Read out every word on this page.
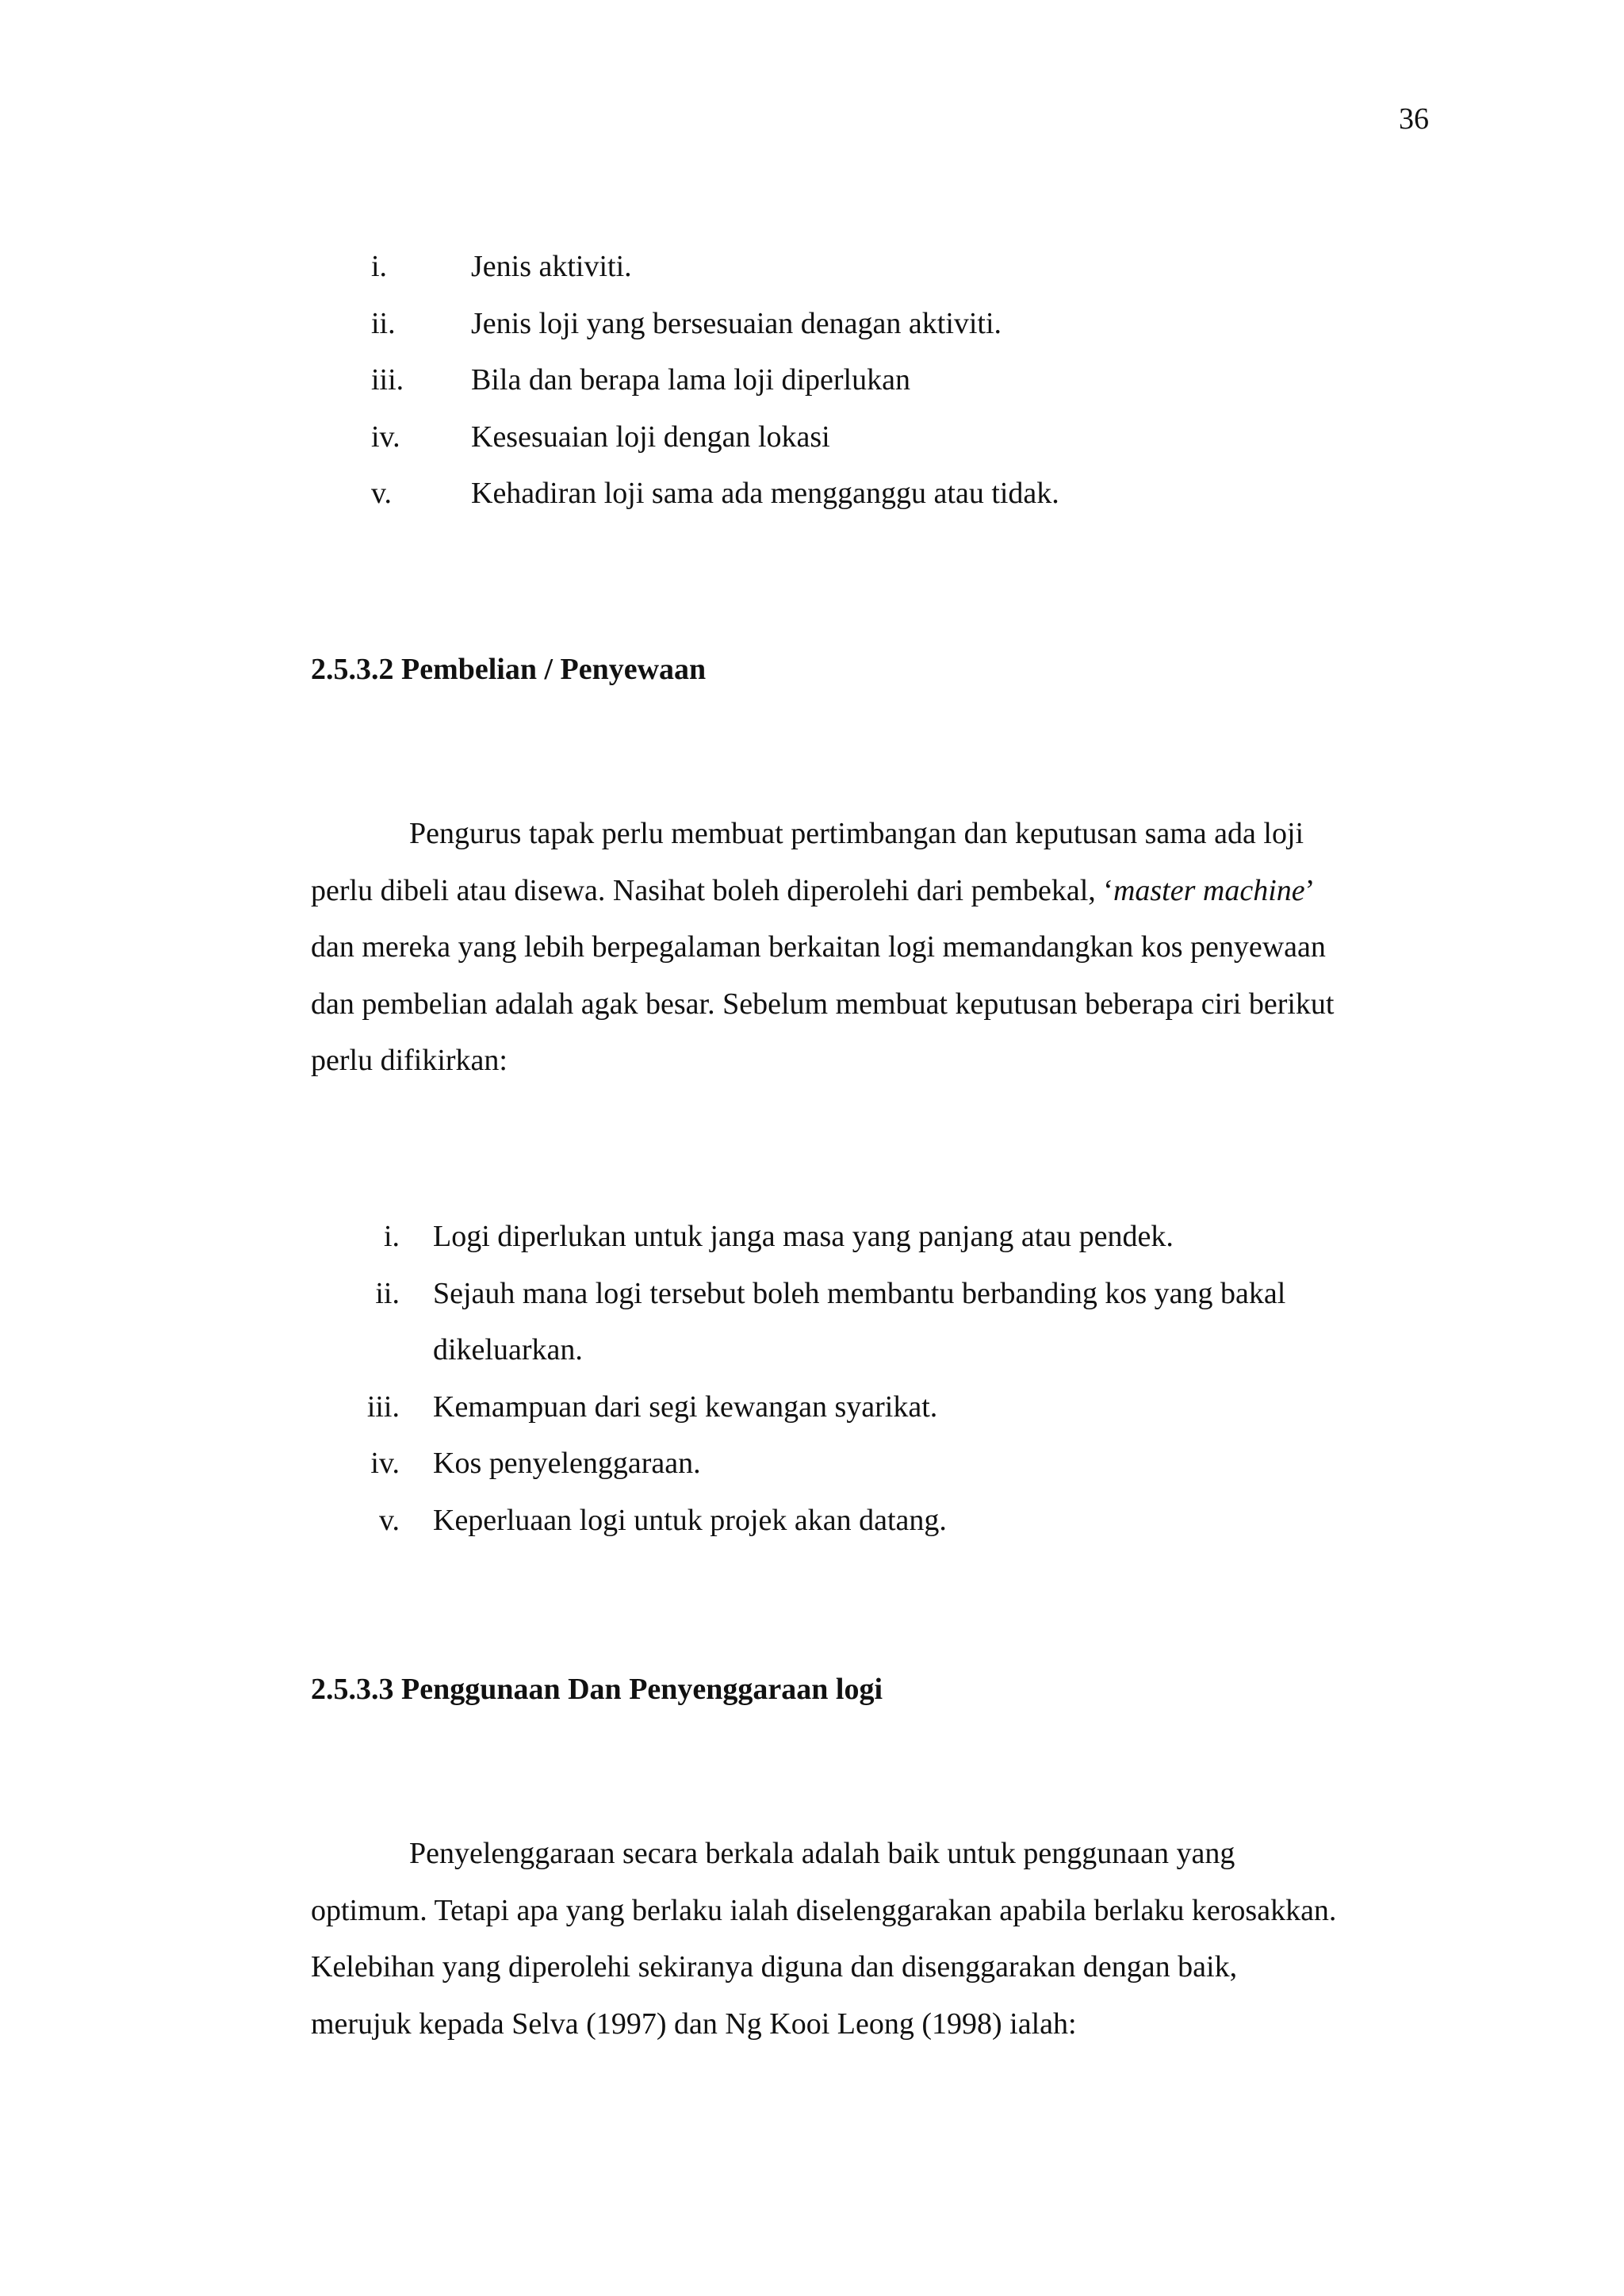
36
i.	Jenis aktiviti.
ii.	Jenis loji yang bersesuaian denagan aktiviti.
iii.	Bila dan berapa lama loji diperlukan
iv.	Kesesuaian loji dengan lokasi
v.	Kehadiran loji sama ada mengganggu atau tidak.
2.5.3.2 Pembelian / Penyewaan

Pengurus tapak perlu membuat pertimbangan dan keputusan sama ada loji
perlu dibeli atau disewa. Nasihat boleh diperolehi dari pembekal, ‘master machine’
dan mereka yang lebih berpegalaman berkaitan logi memandangkan kos penyewaan
dan pembelian adalah agak besar. Sebelum membuat keputusan beberapa ciri berikut
perlu difikirkan:

i. Logi diperlukan untuk janga masa yang panjang atau pendek.
ii. Sejauh mana logi tersebut boleh membantu berbanding kos yang bakal
dikeluarkan.
iii. Kemampuan dari segi kewangan syarikat.
iv. Kos penyelenggaraan.
v. Keperluaan logi untuk projek akan datang.
2.5.3.3 Penggunaan Dan Penyenggaraan logi

Penyelenggaraan secara berkala adalah baik untuk penggunaan yang
optimum. Tetapi apa yang berlaku ialah diselenggarakan apabila berlaku kerosakkan.
Kelebihan yang diperolehi sekiranya diguna dan disenggarakan dengan baik,
merujuk kepada Selva (1997) dan Ng Kooi Leong (1998) ialah:
